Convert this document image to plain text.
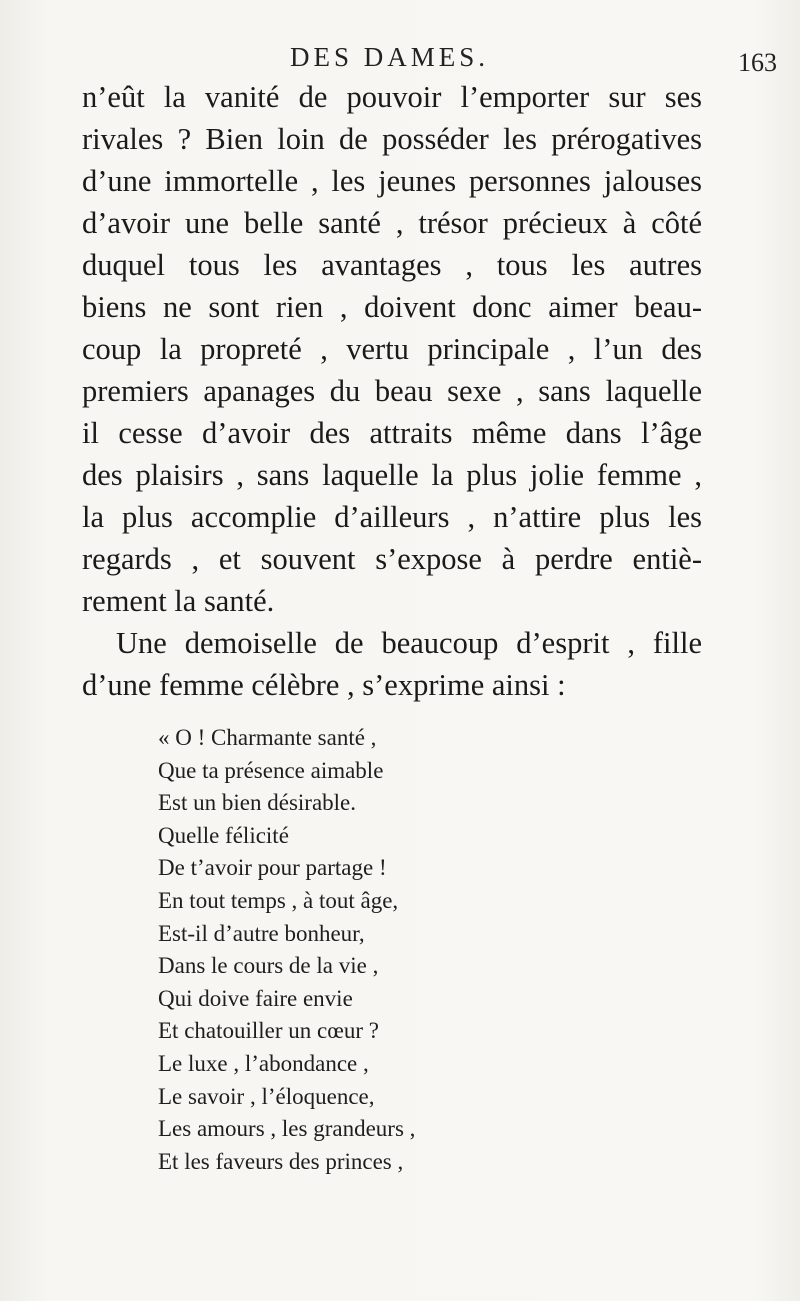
DES DAMES.	163
n’eût la vanité de pouvoir l’emporter sur ses
rivales ? Bien loin de posséder les prérogatives
d’une immortelle , les jeunes personnes jalouses
d’avoir une belle santé , trésor précieux à côté
duquel tous les avantages , tous les autres
biens ne sont rien , doivent donc aimer beau-
coup la propreté , vertu principale , l’un des
premiers apanages du beau sexe , sans laquelle
il cesse d’avoir des attraits même dans l’âge
des plaisirs , sans laquelle la plus jolie femme ,
la plus accomplie d’ailleurs , n’attire plus les
regards , et souvent s’expose à perdre entiè-
rement la santé.
Une demoiselle de beaucoup d’esprit , fille
d’une femme célèbre , s’exprime ainsi :
« O ! Charmante santé ,
Que ta présence aimable
Est un bien désirable.
Quelle félicité
De t’avoir pour partage !
En tout temps , à tout âge,
Est-il d’autre bonheur,
Dans le cours de la vie ,
Qui doive faire envie
Et chatouiller un cœur ?
Le luxe , l’abondance ,
Le savoir , l’éloquence,
Les amours , les grandeurs ,
Et les faveurs des princes ,
